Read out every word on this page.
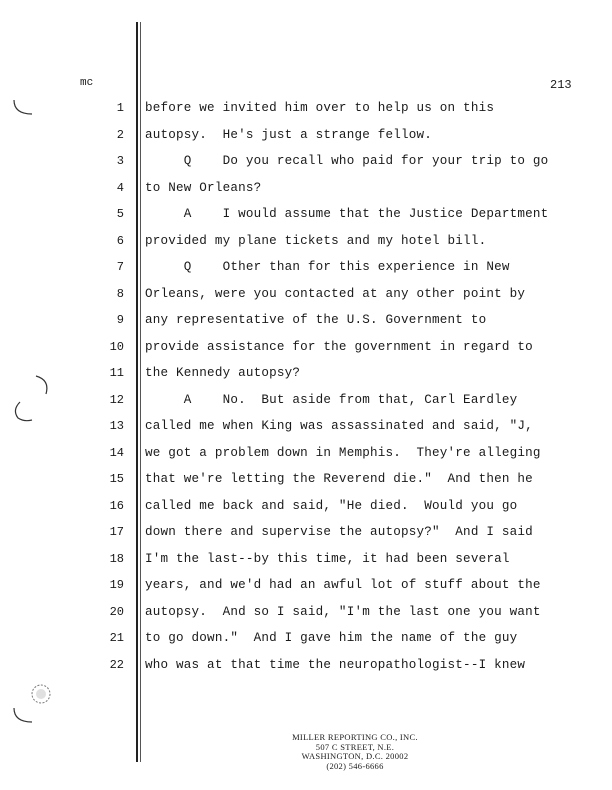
mc	213
1 before we invited him over to help us on this
2 autopsy.  He's just a strange fellow.
3 Q    Do you recall who paid for your trip to go
4 to New Orleans?
5 A    I would assume that the Justice Department
6 provided my plane tickets and my hotel bill.
7 Q    Other than for this experience in New
8 Orleans, were you contacted at any other point by
9 any representative of the U.S. Government to
10 provide assistance for the government in regard to
11 the Kennedy autopsy?
12 A    No.  But aside from that, Carl Eardley
13 called me when King was assassinated and said, "J,
14 we got a problem down in Memphis.  They're alleging
15 that we're letting the Reverend die."  And then he
16 called me back and said, "He died.  Would you go
17 down there and supervise the autopsy?"  And I said
18 I'm the last--by this time, it had been several
19 years, and we'd had an awful lot of stuff about the
20 autopsy.  And so I said, "I'm the last one you want
21 to go down."  And I gave him the name of the guy
22 who was at that time the neuropathologist--I knew
MILLER REPORTING CO., INC.
507 C STREET, N.E.
WASHINGTON, D.C. 20002
(202) 546-6666
